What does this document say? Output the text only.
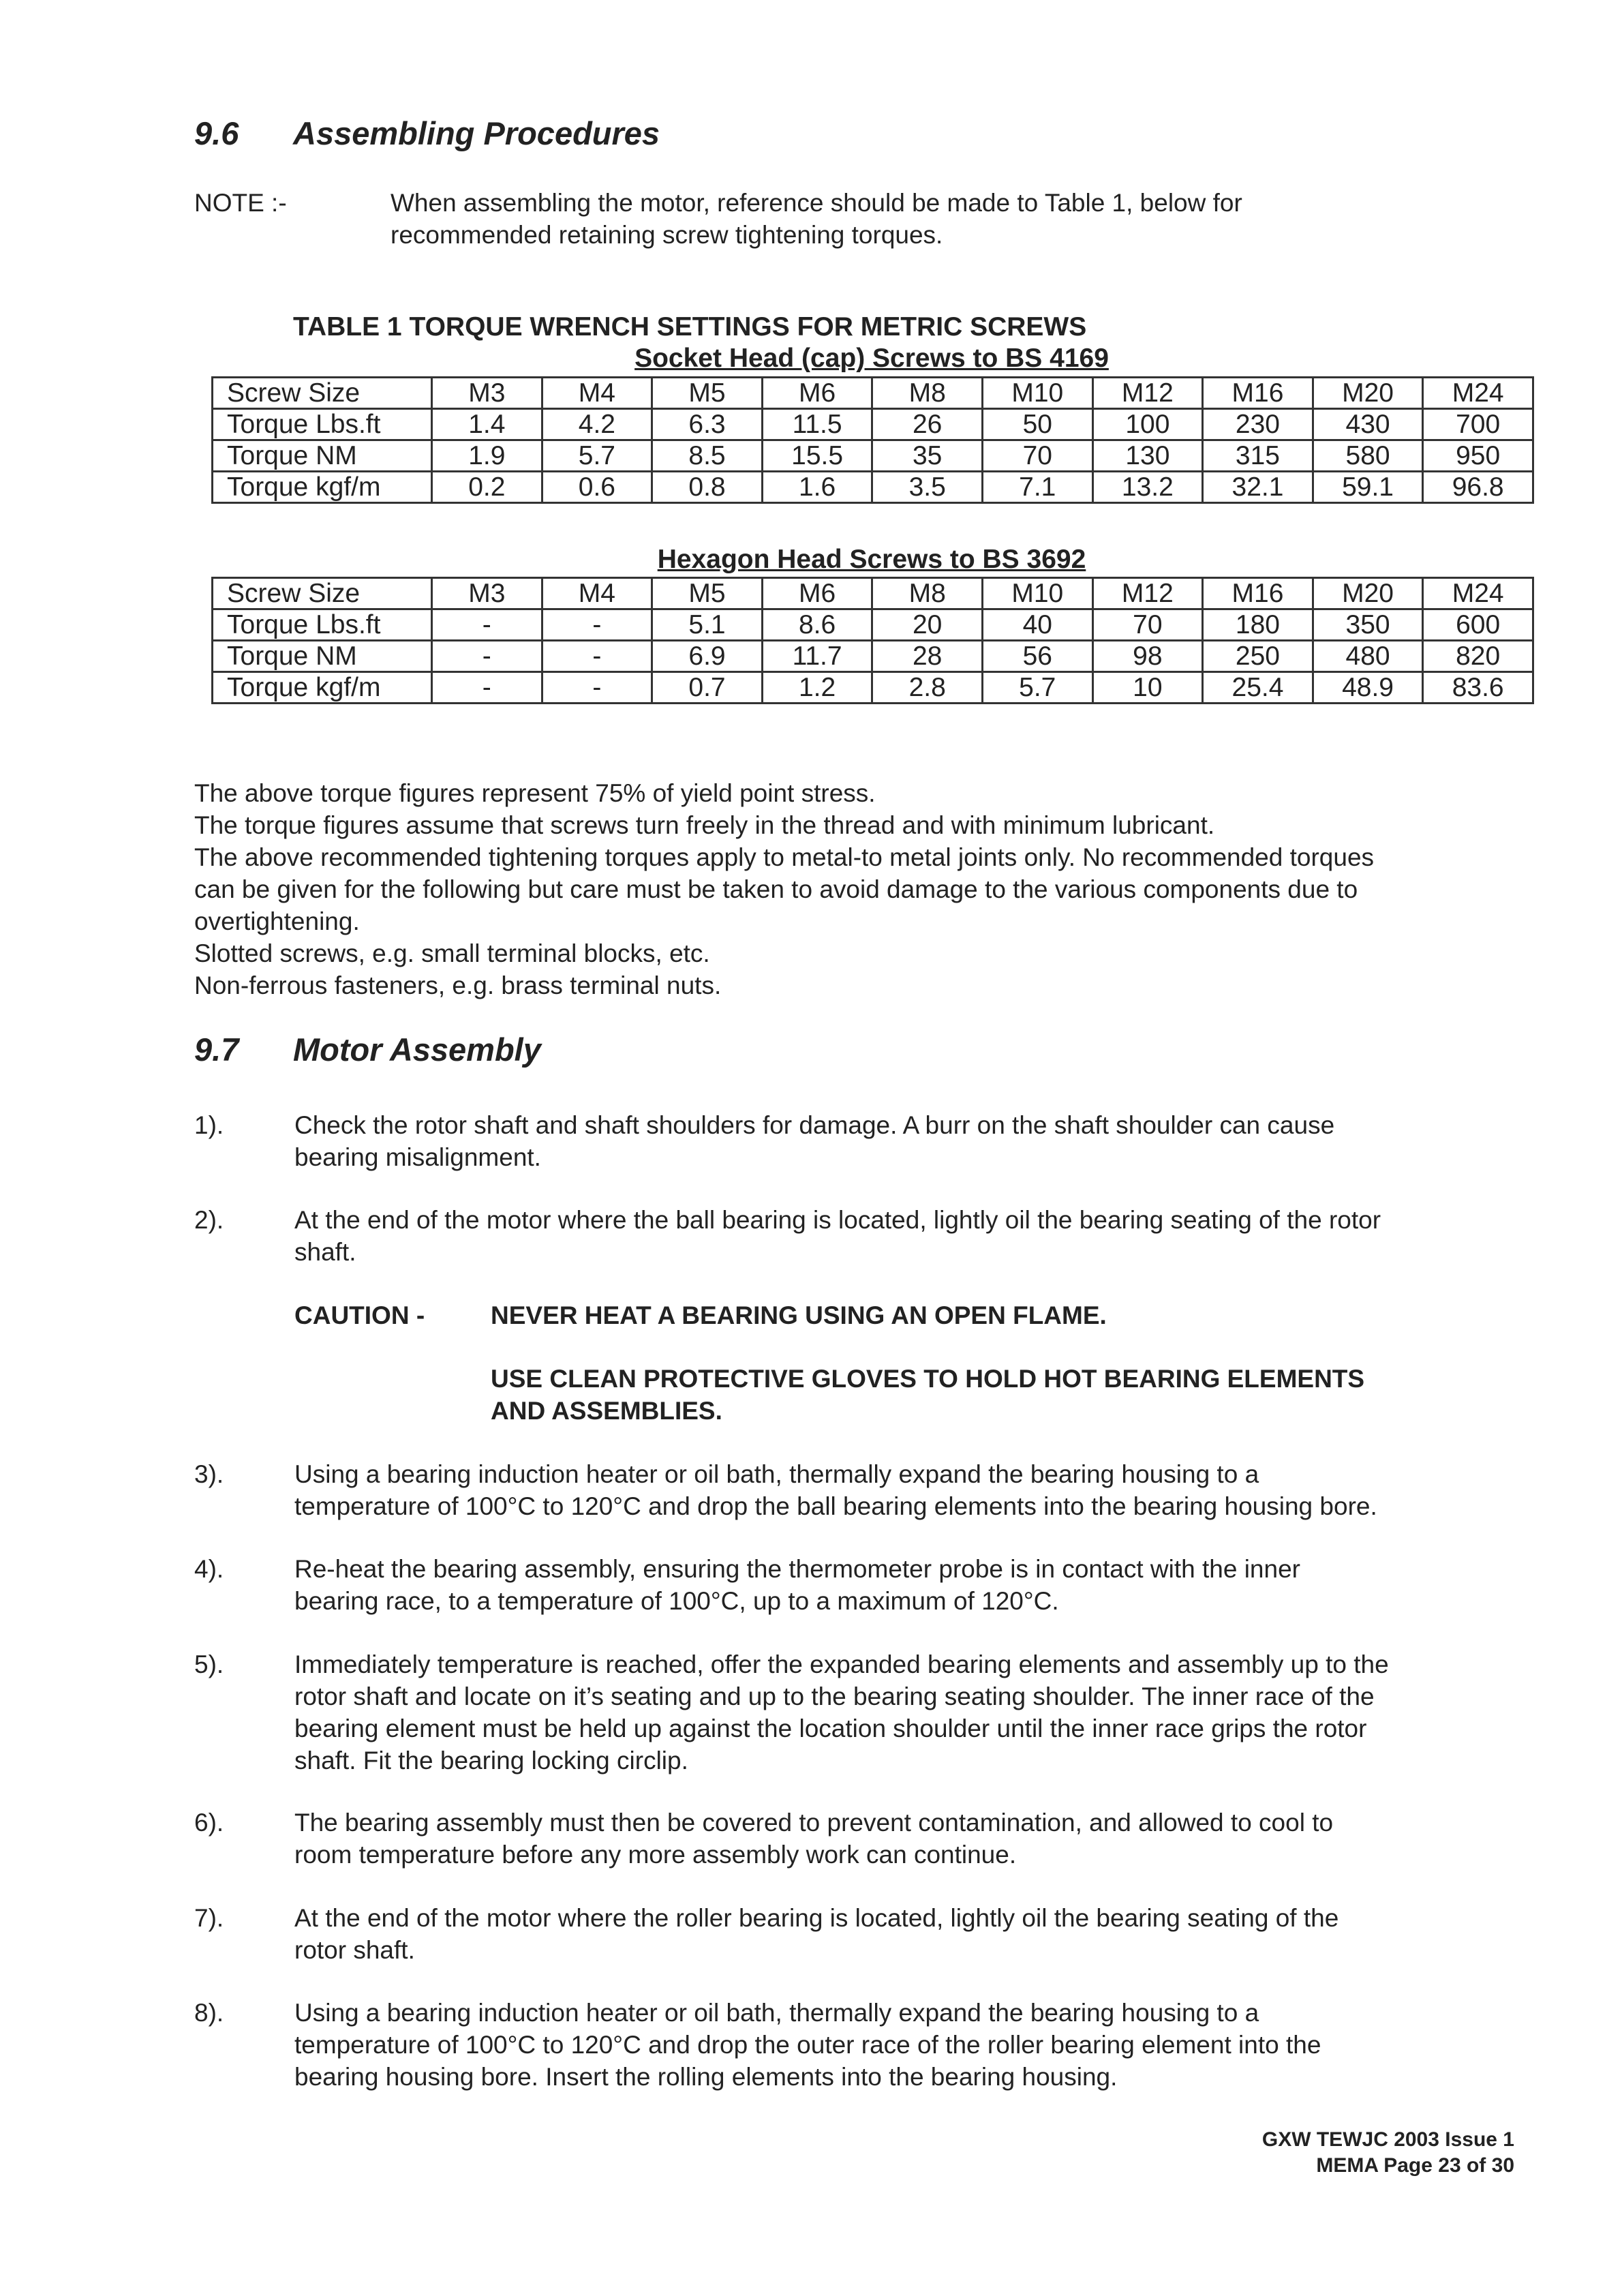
9.6 Assembling Procedures
NOTE :-	When assembling the motor, reference should be made to Table 1, below for
recommended retaining screw tightening torques.
TABLE 1 TORQUE WRENCH SETTINGS FOR METRIC SCREWS
Socket Head (cap) Screws to BS 4169
Screw Size	M3	M4	M5	M6	M8	M10	M12	M16	M20	M24
Torque Lbs.ft	1.4	4.2	6.3	11.5	26	50	100	230	430	700
Torque NM	1.9	5.7	8.5	15.5	35	70	130	315	580	950
Torque kgf/m	0.2	0.6	0.8	1.6	3.5	7.1	13.2	32.1	59.1	96.8
Hexagon Head Screws to BS 3692
Screw Size	M3	M4	M5	M6	M8	M10	M12	M16	M20	M24
Torque Lbs.ft	-	-	5.1	8.6	20	40	70	180	350	600
Torque NM	-	-	6.9	11.7	28	56	98	250	480	820
Torque kgf/m	-	-	0.7	1.2	2.8	5.7	10	25.4	48.9	83.6
The above torque figures represent 75% of yield point stress.
The torque figures assume that screws turn freely in the thread and with minimum lubricant.
The above recommended tightening torques apply to metal-to metal joints only. No recommended torques
can be given for the following but care must be taken to avoid damage to the various components due to
overtightening.
Slotted screws, e.g. small terminal blocks, etc.
Non-ferrous fasteners, e.g. brass terminal nuts.
9.7 Motor Assembly
1).	Check the rotor shaft and shaft shoulders for damage. A burr on the shaft shoulder can cause
bearing misalignment.
2).	At the end of the motor where the ball bearing is located, lightly oil the bearing seating of the rotor
shaft.
CAUTION -	NEVER HEAT A BEARING USING AN OPEN FLAME.
USE CLEAN PROTECTIVE GLOVES TO HOLD HOT BEARING ELEMENTS
AND ASSEMBLIES.
3).	Using a bearing induction heater or oil bath, thermally expand the bearing housing to a
temperature of 100°C to 120°C and drop the ball bearing elements into the bearing housing bore.
4).	Re-heat the bearing assembly, ensuring the thermometer probe is in contact with the inner
bearing race, to a temperature of 100°C, up to a maximum of 120°C.
5).	Immediately temperature is reached, offer the expanded bearing elements and assembly up to the
rotor shaft and locate on it’s seating and up to the bearing seating shoulder. The inner race of the
bearing element must be held up against the location shoulder until the inner race grips the rotor
shaft. Fit the bearing locking circlip.
6).	The bearing assembly must then be covered to prevent contamination, and allowed to cool to
room temperature before any more assembly work can continue.
7).	At the end of the motor where the roller bearing is located, lightly oil the bearing seating of the
rotor shaft.
8).	Using a bearing induction heater or oil bath, thermally expand the bearing housing to a
temperature of 100°C to 120°C and drop the outer race of the roller bearing element into the
bearing housing bore. Insert the rolling elements into the bearing housing.
GXW TEWJC 2003 Issue 1
MEMA Page 23 of 30
